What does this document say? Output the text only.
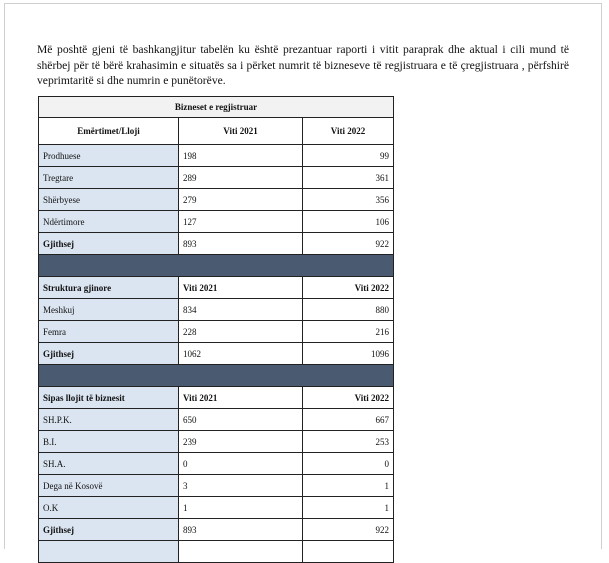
Më poshtë gjeni të bashkangjitur tabelën ku është prezantuar raporti i vitit paraprak dhe aktual i cili mund të shërbej për të bërë krahasimin e situatës sa i përket numrit të bizneseve të regjistruara e të çregjistruara , përfshirë veprimtaritë si dhe numrin e punëtorëve.

Bizneset e regjistruar		
Emërtimet/Lloji	Viti 2021	Viti 2022
Prodhuese	198	99
Tregtare	289	361
Shërbyese	279	356
Ndërtimore	127	106
Gjithsej	893	922

Struktura gjinore	Viti 2021	Viti 2022
Meshkuj	834	880
Femra	228	216
Gjithsej	1062	1096

Sipas llojit të biznesit	Viti 2021	Viti 2022
SH.P.K.	650	667
B.I.	239	253
SH.A.	0	0
Dega në Kosovë	3	1
O.K	1	1
Gjithsej	893	922
